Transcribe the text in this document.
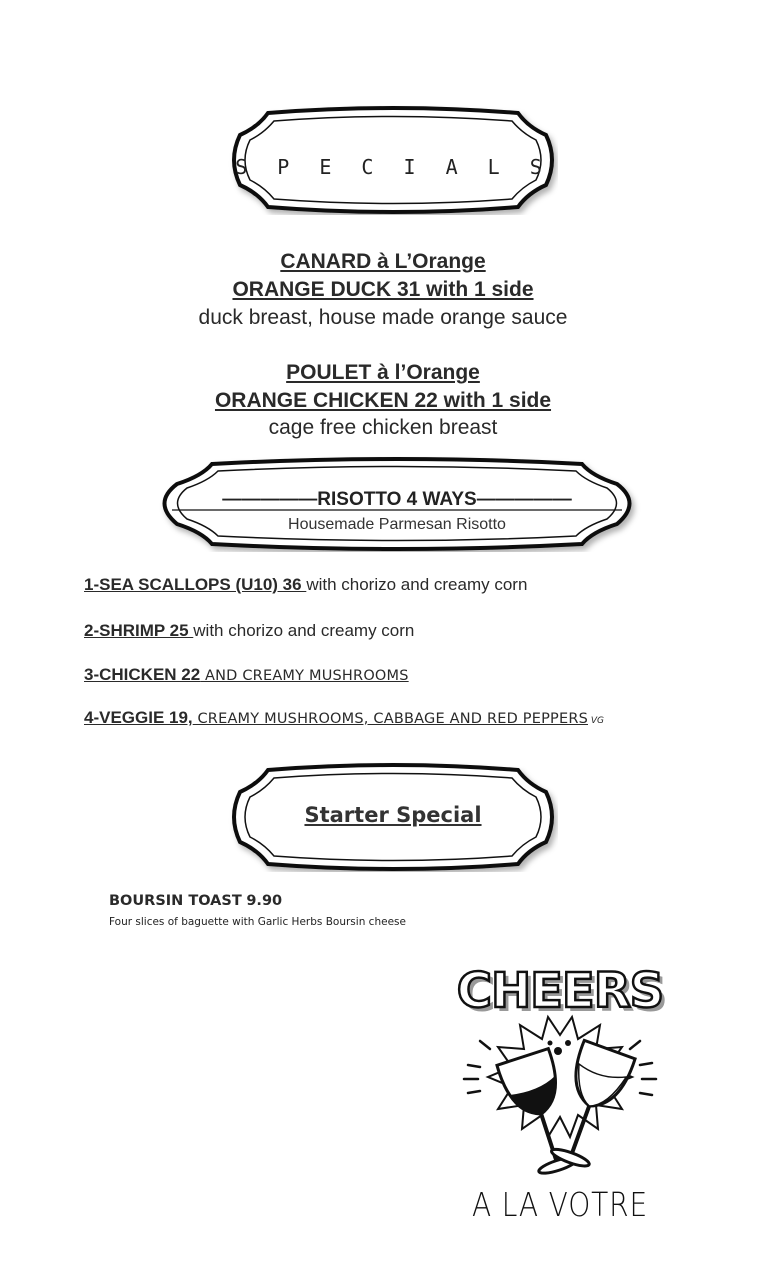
S P E C I A L S
CANARD à L’Orange
ORANGE DUCK 31 with 1 side
duck breast, house made orange sauce
POULET à l’Orange
ORANGE CHICKEN 22 with 1 side
cage free chicken breast
—————RISOTTO 4 WAYS—————
Housemade Parmesan Risotto
1-SEA SCALLOPS (U10) 36 with chorizo and creamy corn
2-SHRIMP 25 with chorizo and creamy corn
3-CHICKEN 22 AND CREAMY MUSHROOMS
4-VEGGIE 19, CREAMY MUSHROOMS, CABBAGE AND RED PEPPERS VG
Starter Special
BOURSIN TOAST 9.90
Four slices of baguette with Garlic Herbs Boursin cheese
CHEERS
A LA VOTRE
